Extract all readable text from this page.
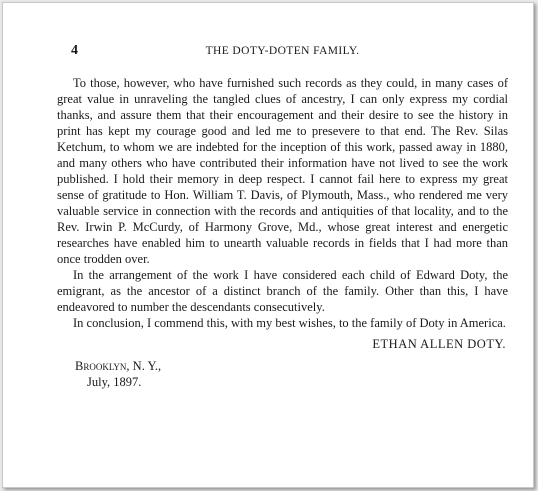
4	THE DOTY-DOTEN FAMILY.

To those, however, who have furnished such records as they could, in many cases of great value in unraveling the tangled clues of ancestry, I can only express my cordial thanks, and assure them that their encouragement and their desire to see the history in print has kept my courage good and led me to presevere to that end. The Rev. Silas Ketchum, to whom we are indebted for the inception of this work, passed away in 1880, and many others who have contributed their information have not lived to see the work published. I hold their memory in deep respect. I cannot fail here to express my great sense of gratitude to Hon. William T. Davis, of Plymouth, Mass., who rendered me very valuable service in connection with the records and antiquities of that locality, and to the Rev. Irwin P. McCurdy, of Harmony Grove, Md., whose great interest and energetic researches have enabled him to unearth valuable records in fields that I had more than once trodden over.

In the arrangement of the work I have considered each child of Edward Doty, the emigrant, as the ancestor of a distinct branch of the family. Other than this, I have endeavored to number the descendants consecutively.

In conclusion, I commend this, with my best wishes, to the family of Doty in America.

ETHAN ALLEN DOTY.
Brooklyn, N. Y.,
July, 1897.
